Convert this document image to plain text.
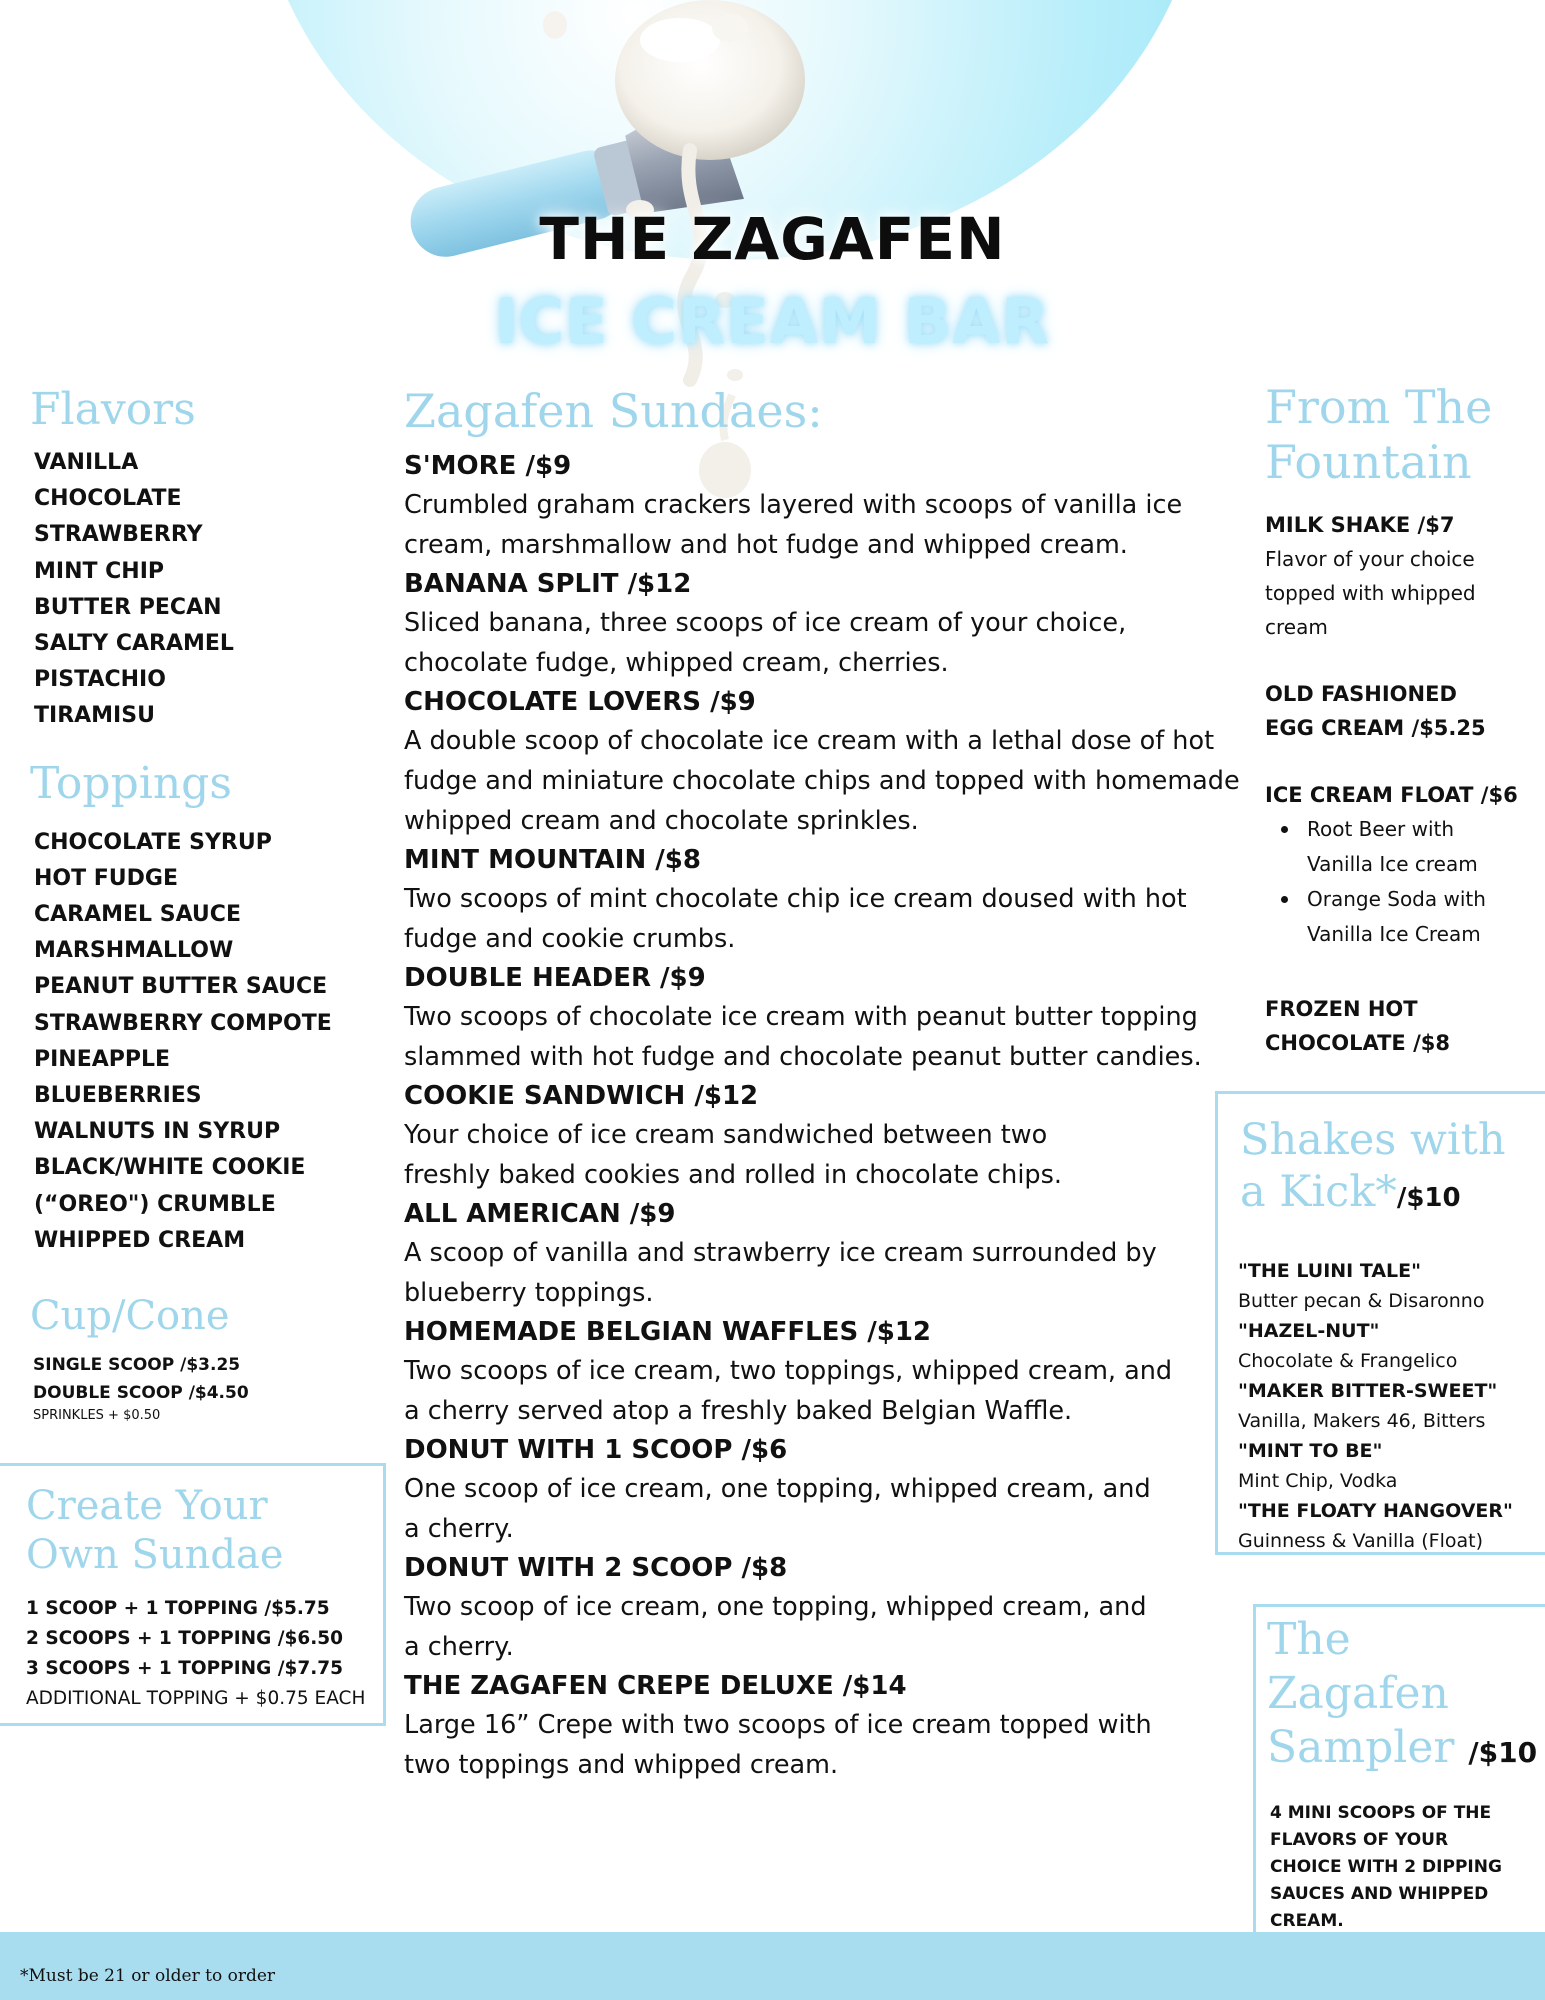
THE ZAGAFEN
ICE CREAM BAR
Flavors
VANILLA
CHOCOLATE
STRAWBERRY
MINT CHIP
BUTTER PECAN
SALTY CARAMEL
PISTACHIO
TIRAMISU
Toppings
CHOCOLATE SYRUP
HOT FUDGE
CARAMEL SAUCE
MARSHMALLOW
PEANUT BUTTER SAUCE
STRAWBERRY COMPOTE
PINEAPPLE
BLUEBERRIES
WALNUTS IN SYRUP
BLACK/WHITE COOKIE
(“OREO") CRUMBLE
WHIPPED CREAM
Cup/Cone
SINGLE SCOOP /$3.25
DOUBLE SCOOP /$4.50
SPRINKLES + $0.50
Create Your
Own Sundae
1 SCOOP + 1 TOPPING /$5.75
2 SCOOPS + 1 TOPPING /$6.50
3 SCOOPS + 1 TOPPING /$7.75
ADDITIONAL TOPPING + $0.75 EACH
Zagafen Sundaes:
S'MORE /$9
Crumbled graham crackers layered with scoops of vanilla ice
cream, marshmallow and hot fudge and whipped cream.
BANANA SPLIT /$12
Sliced banana, three scoops of ice cream of your choice,
chocolate fudge, whipped cream, cherries.
CHOCOLATE LOVERS /$9
A double scoop of chocolate ice cream with a lethal dose of hot
fudge and miniature chocolate chips and topped with homemade
whipped cream and chocolate sprinkles.
MINT MOUNTAIN /$8
Two scoops of mint chocolate chip ice cream doused with hot
fudge and cookie crumbs.
DOUBLE HEADER /$9
Two scoops of chocolate ice cream with peanut butter topping
slammed with hot fudge and chocolate peanut butter candies.
COOKIE SANDWICH /$12
Your choice of ice cream sandwiched between two
freshly baked cookies and rolled in chocolate chips.
ALL AMERICAN /$9
A scoop of vanilla and strawberry ice cream surrounded by
blueberry toppings.
HOMEMADE BELGIAN WAFFLES /$12
Two scoops of ice cream, two toppings, whipped cream, and
a cherry served atop a freshly baked Belgian Waffle.
DONUT WITH 1 SCOOP /$6
One scoop of ice cream, one topping, whipped cream, and
a cherry.
DONUT WITH 2 SCOOP /$8
Two scoop of ice cream, one topping, whipped cream, and
a cherry.
THE ZAGAFEN CREPE DELUXE /$14
Large 16” Crepe with two scoops of ice cream topped with
two toppings and whipped cream.
From The
Fountain
MILK SHAKE /$7
Flavor of your choice
topped with whipped
cream
OLD FASHIONED
EGG CREAM /$5.25
ICE CREAM FLOAT /$6
Root Beer with
Vanilla Ice cream
Orange Soda with
Vanilla Ice Cream
FROZEN HOT
CHOCOLATE /$8
Shakes with
a Kick*/$10
"THE LUINI TALE"
Butter pecan & Disaronno
"HAZEL-NUT"
Chocolate & Frangelico
"MAKER BITTER-SWEET"
Vanilla, Makers 46, Bitters
"MINT TO BE"
Mint Chip, Vodka
"THE FLOATY HANGOVER"
Guinness & Vanilla (Float)
The
Zagafen
Sampler /$10
4 MINI SCOOPS OF THE FLAVORS OF YOUR CHOICE WITH 2 DIPPING SAUCES AND WHIPPED CREAM.
*Must be 21 or older to order
